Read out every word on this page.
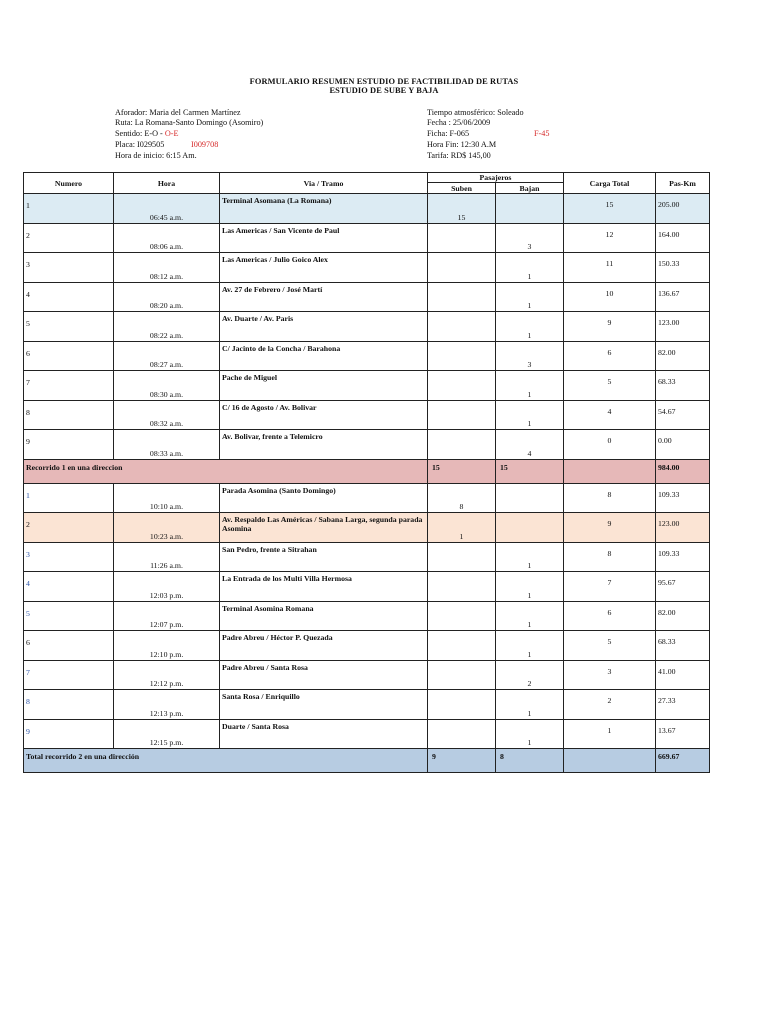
FORMULARIO RESUMEN ESTUDIO DE FACTIBILIDAD DE RUTAS
ESTUDIO DE SUBE Y BAJA
Aforador: Maria del Carmen Martínez
Ruta: La Romana-Santo Domingo (Asomiro)
Sentido: E-O - O-E
Placa: I029505	I009708
Hora de inicio: 6:15 Am.
Tiempo atmosférico: Soleado
Fecha : 25/06/2009
Ficha: F-065	F-45
Hora Fin: 12:30 A.M
Tarifa: RD$ 145,00
Numero	Hora	Via / Tramo	Pasajeros		Carga Total	Pas-Km
			Suben	Bajan		
1	06:45 a.m.	Terminal Asomana (La Romana)	15		15	205.00
2	08:06 a.m.	Las Americas / San Vicente de Paul		3	12	164.00
3	08:12 a.m.	Las Americas / Julio Goico Alex		1	11	150.33
4	08:20 a.m.	Av. 27 de Febrero / José Martí		1	10	136.67
5	08:22 a.m.	Av. Duarte / Av. Paris		1	9	123.00
6	08:27 a.m.	C/ Jacinto de la Concha / Barahona		3	6	82.00
7	08:30 a.m.	Pache de Miguel		1	5	68.33
8	08:32 a.m.	C/ 16 de Agosto / Av. Bolivar		1	4	54.67
9	08:33 a.m.	Av. Bolivar, frente a Telemicro		4	0	0.00
Recorrido 1 en una direccion			15	15		984.00
1	10:10 a.m.	Parada Asomina (Santo Domingo)	8		8	109.33
2	10:23 a.m.	Av. Respaldo Las Américas / Sabana Larga, segunda parada Asomina	1		9	123.00
3	11:26 a.m.	San Pedro, frente a Sitrahan		1	8	109.33
4	12:03 p.m.	La Entrada de los Multi Villa Hermosa		1	7	95.67
5	12:07 p.m.	Terminal Asomina Romana		1	6	82.00
6	12:10 p.m.	Padre Abreu / Héctor P. Quezada		1	5	68.33
7	12:12 p.m.	Padre Abreu / Santa Rosa		2	3	41.00
8	12:13 p.m.	Santa Rosa / Enriquillo		1	2	27.33
9	12:15 p.m.	Duarte / Santa Rosa		1	1	13.67
Total recorrido 2 en una dirección			9	8		669.67
